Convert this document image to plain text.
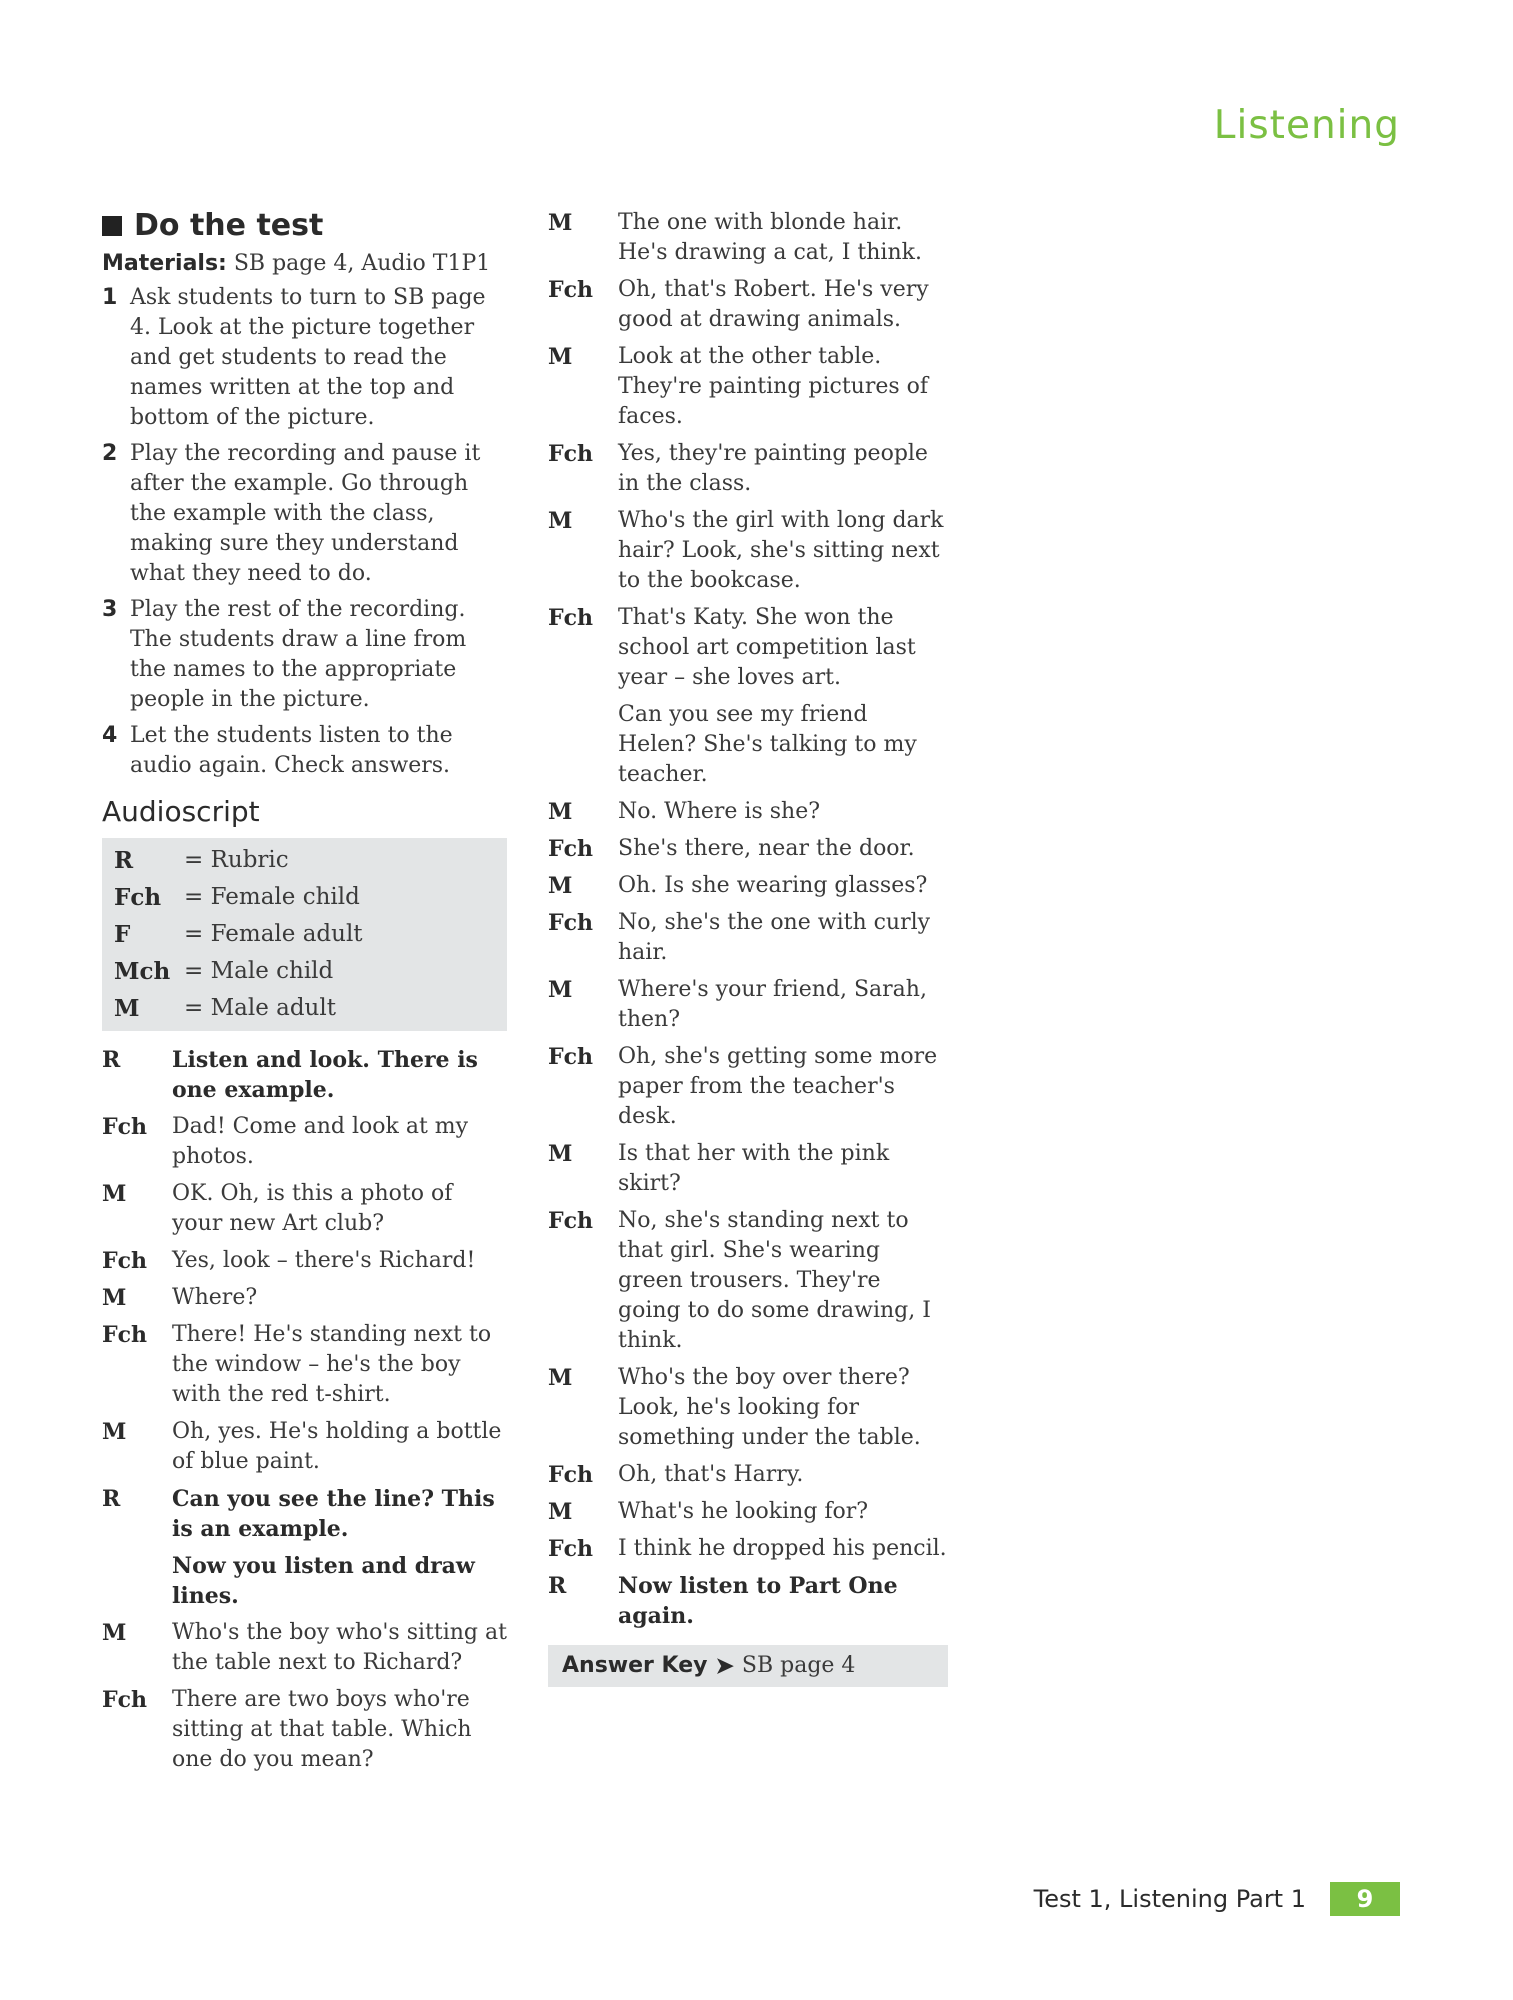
Listening
Do the test
Materials: SB page 4, Audio T1P1
1 Ask students to turn to SB page 4. Look at the picture together and get students to read the names written at the top and bottom of the picture.
2 Play the recording and pause it after the example. Go through the example with the class, making sure they understand what they need to do.
3 Play the rest of the recording. The students draw a line from the names to the appropriate people in the picture.
4 Let the students listen to the audio again. Check answers.
Audioscript
R	= Rubric
Fch = Female child
F	= Female adult
Mch = Male child
M	= Male adult
R	Listen and look. There is one example.
Fch	Dad! Come and look at my photos.
M	OK. Oh, is this a photo of your new Art club?
Fch	Yes, look – there's Richard!
M	Where?
Fch	There! He's standing next to the window – he's the boy with the red t-shirt.
M	Oh, yes. He's holding a bottle of blue paint.
R	Can you see the line? This is an example.
Now you listen and draw lines.
M	Who's the boy who's sitting at the table next to Richard?
Fch	There are two boys who're sitting at that table. Which one do you mean?
M	The one with blonde hair. He's drawing a cat, I think.
Fch	Oh, that's Robert. He's very good at drawing animals.
M	Look at the other table. They're painting pictures of faces.
Fch	Yes, they're painting people in the class.
M	Who's the girl with long dark hair? Look, she's sitting next to the bookcase.
Fch	That's Katy. She won the school art competition last year – she loves art.
Can you see my friend Helen? She's talking to my teacher.
M	No. Where is she?
Fch	She's there, near the door.
M	Oh. Is she wearing glasses?
Fch	No, she's the one with curly hair.
M	Where's your friend, Sarah, then?
Fch	Oh, she's getting some more paper from the teacher's desk.
M	Is that her with the pink skirt?
Fch	No, she's standing next to that girl. She's wearing green trousers. They're going to do some drawing, I think.
M	Who's the boy over there? Look, he's looking for something under the table.
Fch	Oh, that's Harry.
M	What's he looking for?
Fch	I think he dropped his pencil.
R	Now listen to Part One again.
Answer Key ➤ SB page 4
Test 1, Listening Part 1	9
